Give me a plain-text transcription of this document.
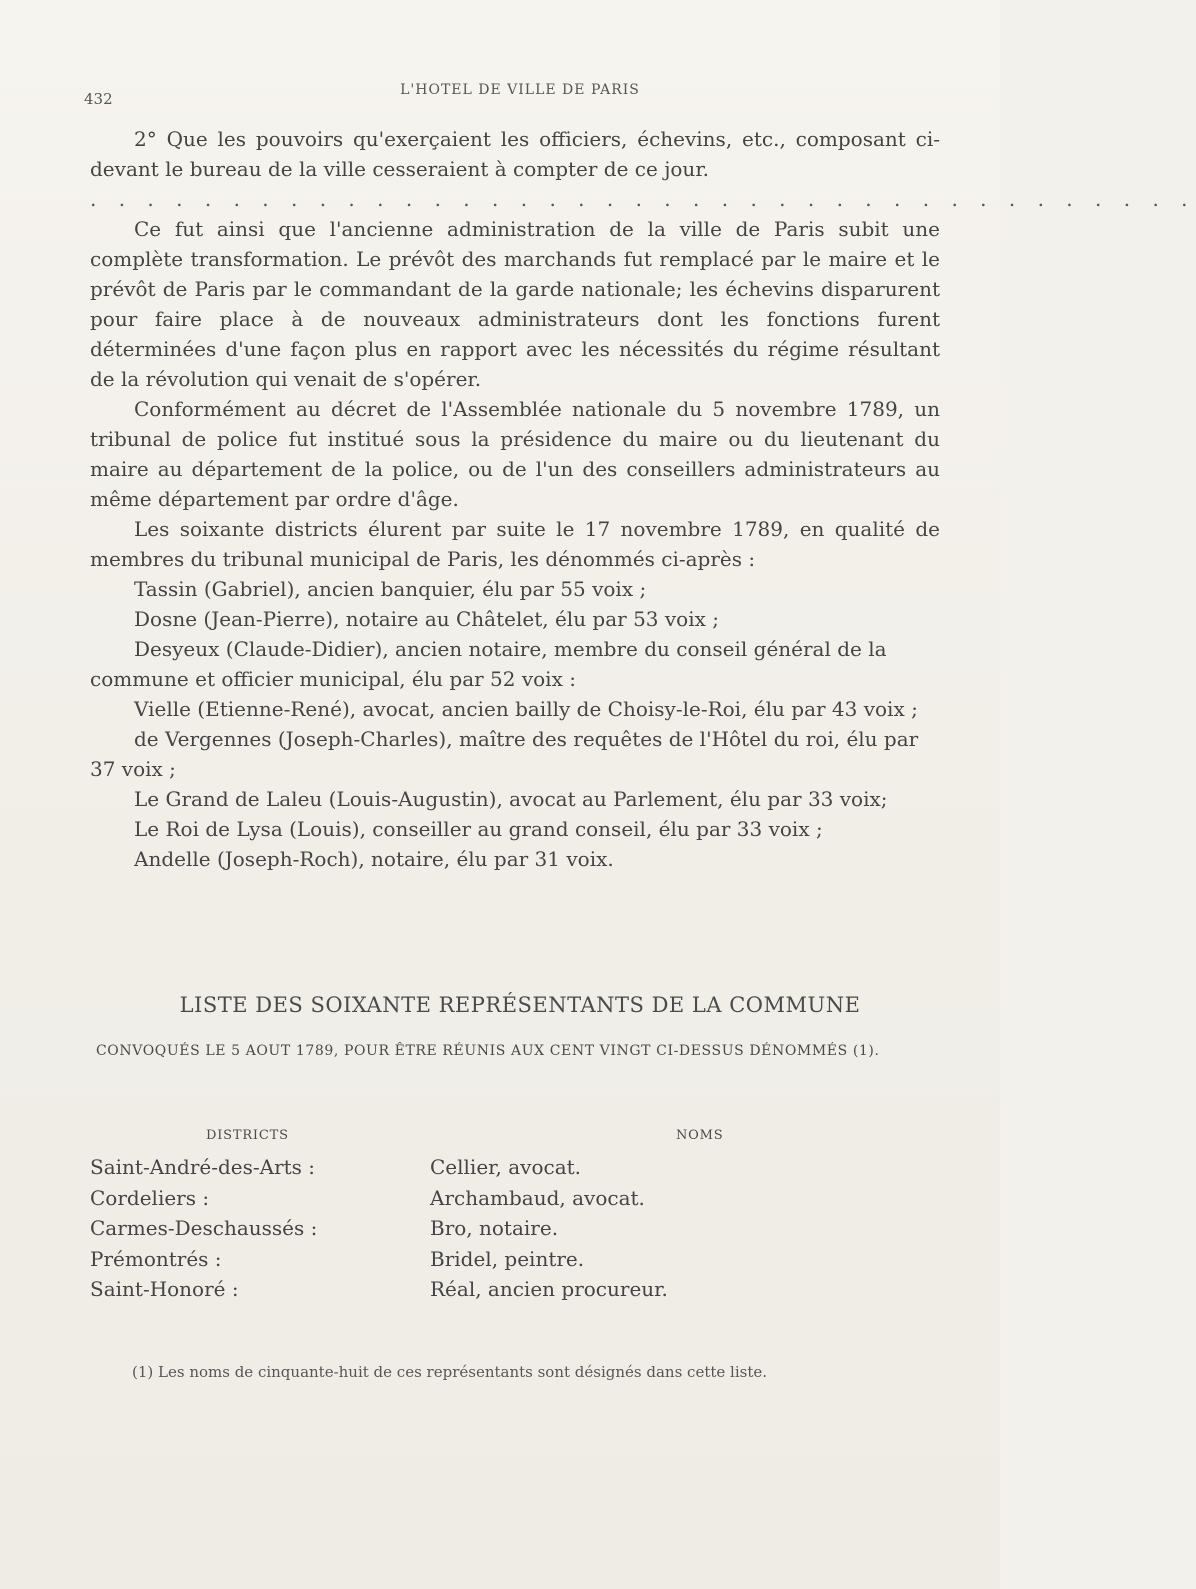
432	L'HOTEL DE VILLE DE PARIS

2° Que les pouvoirs qu'exerçaient les officiers, échevins, etc., composant ci-devant le bureau de la ville cesseraient à compter de ce jour.

. . . . . . . . . . . . . . . . . . . . . . . . . . . . . . . . . . . . . . .

Ce fut ainsi que l'ancienne administration de la ville de Paris subit une complète transformation. Le prévôt des marchands fut remplacé par le maire et le prévôt de Paris par le commandant de la garde nationale; les échevins disparurent pour faire place à de nouveaux administrateurs dont les fonctions furent déterminées d'une façon plus en rapport avec les nécessités du régime résultant de la révolution qui venait de s'opérer.

Conformément au décret de l'Assemblée nationale du 5 novembre 1789, un tribunal de police fut institué sous la présidence du maire ou du lieutenant du maire au département de la police, ou de l'un des conseillers administrateurs au même département par ordre d'âge.

Les soixante districts élurent par suite le 17 novembre 1789, en qualité de membres du tribunal municipal de Paris, les dénommés ci-après :

Tassin (Gabriel), ancien banquier, élu par 55 voix ;

Dosne (Jean-Pierre), notaire au Châtelet, élu par 53 voix ;

Desyeux (Claude-Didier), ancien notaire, membre du conseil général de la

commune et officier municipal, élu par 52 voix :

Vielle (Etienne-René), avocat, ancien bailly de Choisy-le-Roi, élu par 43 voix ;

de Vergennes (Joseph-Charles), maître des requêtes de l'Hôtel du roi, élu par

37 voix ;

Le Grand de Laleu (Louis-Augustin), avocat au Parlement, élu par 33 voix;

Le Roi de Lysa (Louis), conseiller au grand conseil, élu par 33 voix ;

Andelle (Joseph-Roch), notaire, élu par 31 voix.

LISTE DES SOIXANTE REPRÉSENTANTS DE LA COMMUNE
CONVOQUÉS LE 5 AOUT 1789, POUR ÊTRE RÉUNIS AUX CENT VINGT CI-DESSUS DÉNOMMÉS (1).
DISTRICTS	NOMS
Saint-André-des-Arts :	Cellier, avocat.
Cordeliers :	Archambaud, avocat.
Carmes-Deschaussés :	Bro, notaire.
Prémontrés :	Bridel, peintre.
Saint-Honoré :	Réal, ancien procureur.
(1) Les noms de cinquante-huit de ces représentants sont désignés dans cette liste.
